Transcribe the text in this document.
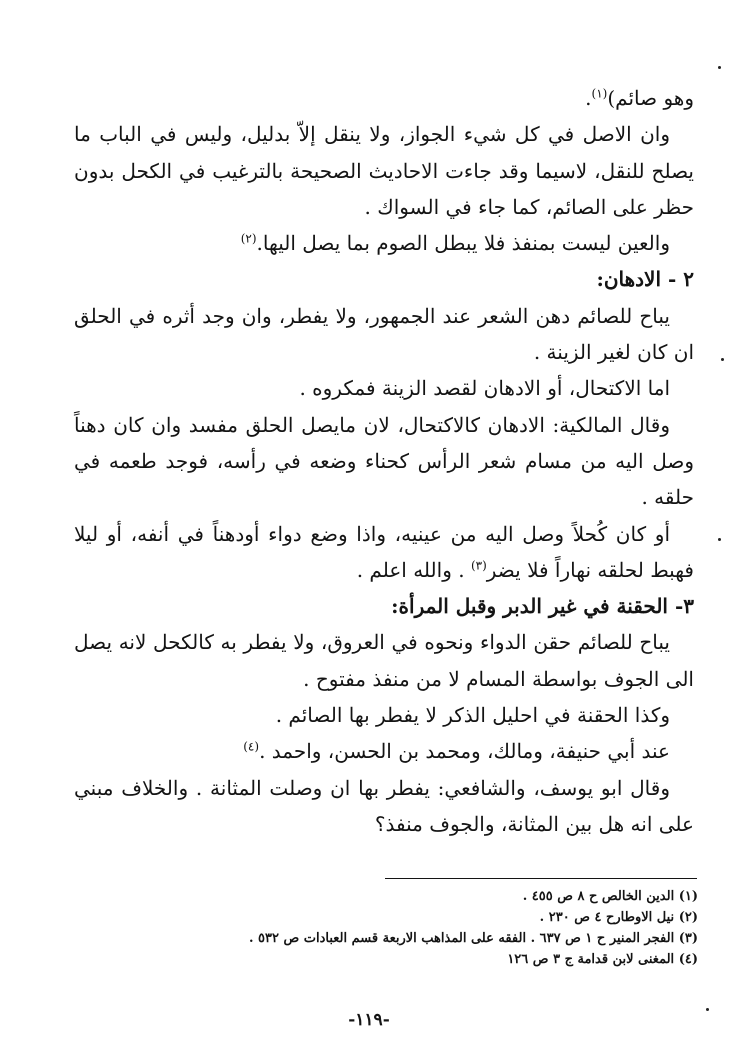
وهو صائم)$^{(١)}$.

وان الاصل في كل شيء الجواز، ولا ينقل إلاّ بدليل، وليس في الباب ما يصلح للنقل، لاسيما وقد جاءت الاحاديث الصحيحة بالترغيب في الكحل بدون حظر على الصائم، كما جاء في السواك .

والعين ليست بمنفذ فلا يبطل الصوم بما يصل اليها.$^{(٢)}$

٢ - الادهان:

يباح للصائم دهن الشعر عند الجمهور، ولا يفطر، وان وجد أثره في الحلق ان كان لغير الزينة .

اما الاكتحال، أو الادهان لقصد الزينة فمكروه .

وقال المالكية: الادهان كالاكتحال، لان مايصل الحلق مفسد وان كان دهناً وصل اليه من مسام شعر الرأس كحناء وضعه في رأسه، فوجد طعمه في حلقه .

أو كان كُحلاً وصل اليه من عينيه، واذا وضع دواء أودهناً في أنفه، أو ليلا فهبط لحلقه نهاراً فلا يضر$^{(٣)}$ . والله اعلم .

٣- الحقنة في غير الدبر وقبل المرأة:

يباح للصائم حقن الدواء ونحوه في العروق، ولا يفطر به كالكحل لانه يصل الى الجوف بواسطة المسام لا من منفذ مفتوح .

وكذا الحقنة في احليل الذكر لا يفطر بها الصائم .

عند أبي حنيفة، ومالك، ومحمد بن الحسن، واحمد .$^{(٤)}$

وقال ابو يوسف، والشافعي: يفطر بها ان وصلت المثانة . والخلاف مبني على انه هل بين المثانة، والجوف منفذ؟

(١) الدين الخالص ح ٨ ص ٤٥٥ .
(٢) نيل الاوطارح ٤ ص ٢٣٠ .
(٣) الفجر المنير ح ١ ص ٦٣٧ . الفقه على المذاهب الاربعة قسم العبادات ص ٥٣٢ .
(٤) المغنى لابن قدامة ج ٣ ص ١٢٦
-١١٩-
